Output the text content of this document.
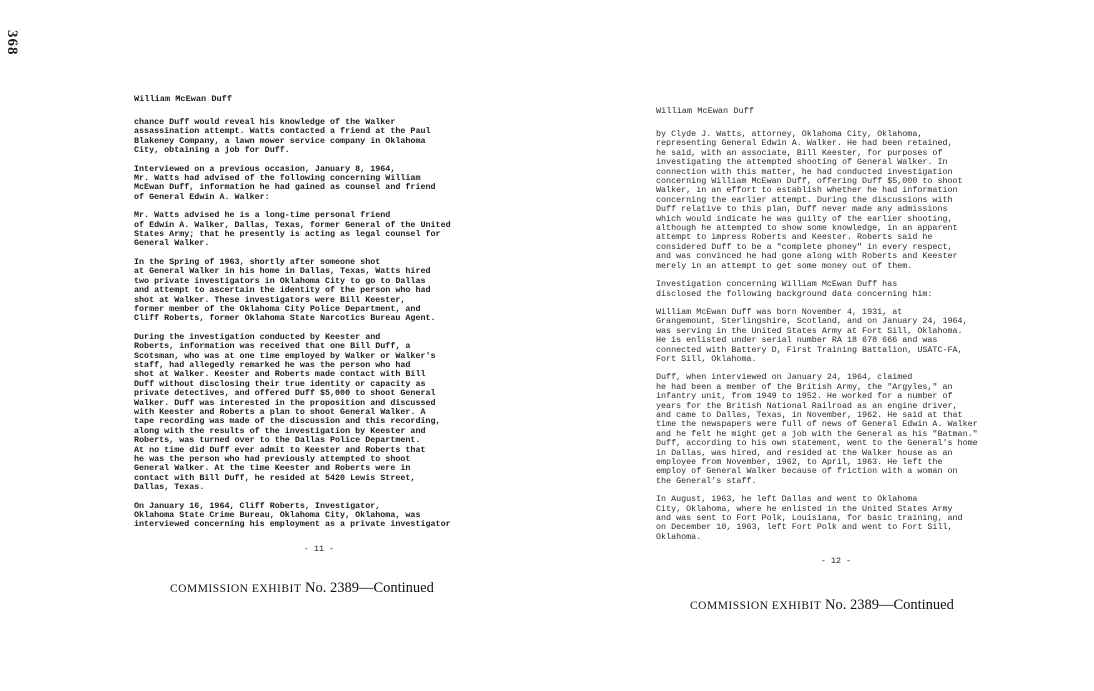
368
William McEwan Duff

chance Duff would reveal his knowledge of the Walker
assassination attempt. Watts contacted a friend at the Paul
Blakeney Company, a lawn mower service company in Oklahoma
City, obtaining a job for Duff.

Interviewed on a previous occasion, January 8, 1964,
Mr. Watts had advised of the following concerning William
McEwan Duff, information he had gained as counsel and friend
of General Edwin A. Walker:

Mr. Watts advised he is a long-time personal friend
of Edwin A. Walker, Dallas, Texas, former General of the United
States Army; that he presently is acting as legal counsel for
General Walker.

In the Spring of 1963, shortly after someone shot
at General Walker in his home in Dallas, Texas, Watts hired
two private investigators in Oklahoma City to go to Dallas
and attempt to ascertain the identity of the person who had
shot at Walker. These investigators were Bill Keester,
former member of the Oklahoma City Police Department, and
Cliff Roberts, former Oklahoma State Narcotics Bureau Agent.

During the investigation conducted by Keester and
Roberts, information was received that one Bill Duff, a
Scotsman, who was at one time employed by Walker or Walker's
staff, had allegedly remarked he was the person who had
shot at Walker. Keester and Roberts made contact with Bill
Duff without disclosing their true identity or capacity as
private detectives, and offered Duff $5,000 to shoot General
Walker. Duff was interested in the proposition and discussed
with Keester and Roberts a plan to shoot General Walker. A
tape recording was made of the discussion and this recording,
along with the results of the investigation by Keester and
Roberts, was turned over to the Dallas Police Department.
At no time did Duff ever admit to Keester and Roberts that
he was the person who had previously attempted to shoot
General Walker. At the time Keester and Roberts were in
contact with Bill Duff, he resided at 5420 Lewis Street,
Dallas, Texas.

On January 16, 1964, Cliff Roberts, Investigator,
Oklahoma State Crime Bureau, Oklahoma City, Oklahoma, was
interviewed concerning his employment as a private investigator

- 11 -
COMMISSION EXHIBIT No. 2389—Continued
William McEwan Duff

by Clyde J. Watts, attorney, Oklahoma City, Oklahoma,
representing General Edwin A. Walker. He had been retained,
he said, with an associate, Bill Keester, for purposes of
investigating the attempted shooting of General Walker. In
connection with this matter, he had conducted investigation
concerning William McEwan Duff, offering Duff $5,000 to shoot
Walker, in an effort to establish whether he had information
concerning the earlier attempt. During the discussions with
Duff relative to this plan, Duff never made any admissions
which would indicate he was guilty of the earlier shooting,
although he attempted to show some knowledge, in an apparent
attempt to impress Roberts and Keester. Roberts said he
considered Duff to be a "complete phoney" in every respect,
and was convinced he had gone along with Roberts and Keester
merely in an attempt to get some money out of them.

Investigation concerning William McEwan Duff has
disclosed the following background data concerning him:

William McEwan Duff was born November 4, 1931, at
Grangemount, Sterlingshire, Scotland, and on January 24, 1964,
was serving in the United States Army at Fort Sill, Oklahoma.
He is enlisted under serial number RA 18 678 666 and was
connected with Battery D, First Training Battalion, USATC-FA,
Fort Sill, Oklahoma.

Duff, when interviewed on January 24, 1964, claimed
he had been a member of the British Army, the "Argyles," an
infantry unit, from 1949 to 1952. He worked for a number of
years for the British National Railroad as an engine driver,
and came to Dallas, Texas, in November, 1962. He said at that
time the newspapers were full of news of General Edwin A. Walker
and he felt he might get a job with the General as his "Batman."
Duff, according to his own statement, went to the General's home
in Dallas, was hired, and resided at the Walker house as an
employee from November, 1962, to April, 1963. He left the
employ of General Walker because of friction with a woman on
the General's staff.

In August, 1963, he left Dallas and went to Oklahoma
City, Oklahoma, where he enlisted in the United States Army
and was sent to Fort Polk, Louisiana, for basic training, and
on December 10, 1963, left Fort Polk and went to Fort Sill,
Oklahoma.

- 12 -
COMMISSION EXHIBIT No. 2389—Continued
